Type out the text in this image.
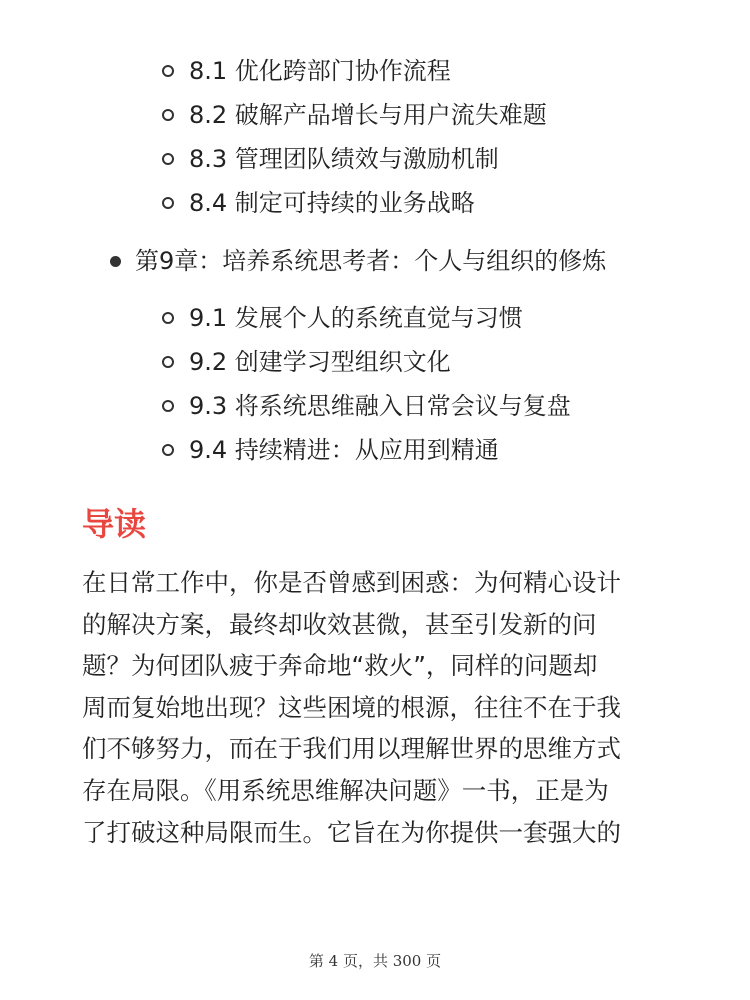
8.1 优化跨部门协作流程
8.2 破解产品增长与用户流失难题
8.3 管理团队绩效与激励机制
8.4 制定可持续的业务战略
第9章：培养系统思考者：个人与组织的修炼
9.1 发展个人的系统直觉与习惯
9.2 创建学习型组织文化
9.3 将系统思维融入日常会议与复盘
9.4 持续精进：从应用到精通
导读
在日常工作中，你是否曾感到困惑：为何精心设计
的解决方案，最终却收效甚微，甚至引发新的问
题？为何团队疲于奔命地“救火”，同样的问题却
周而复始地出现？这些困境的根源，往往不在于我
们不够努力，而在于我们用以理解世界的思维方式
存在局限。《用系统思维解决问题》一书，正是为
了打破这种局限而生。它旨在为你提供一套强大的
第 4 页，共 300 页
